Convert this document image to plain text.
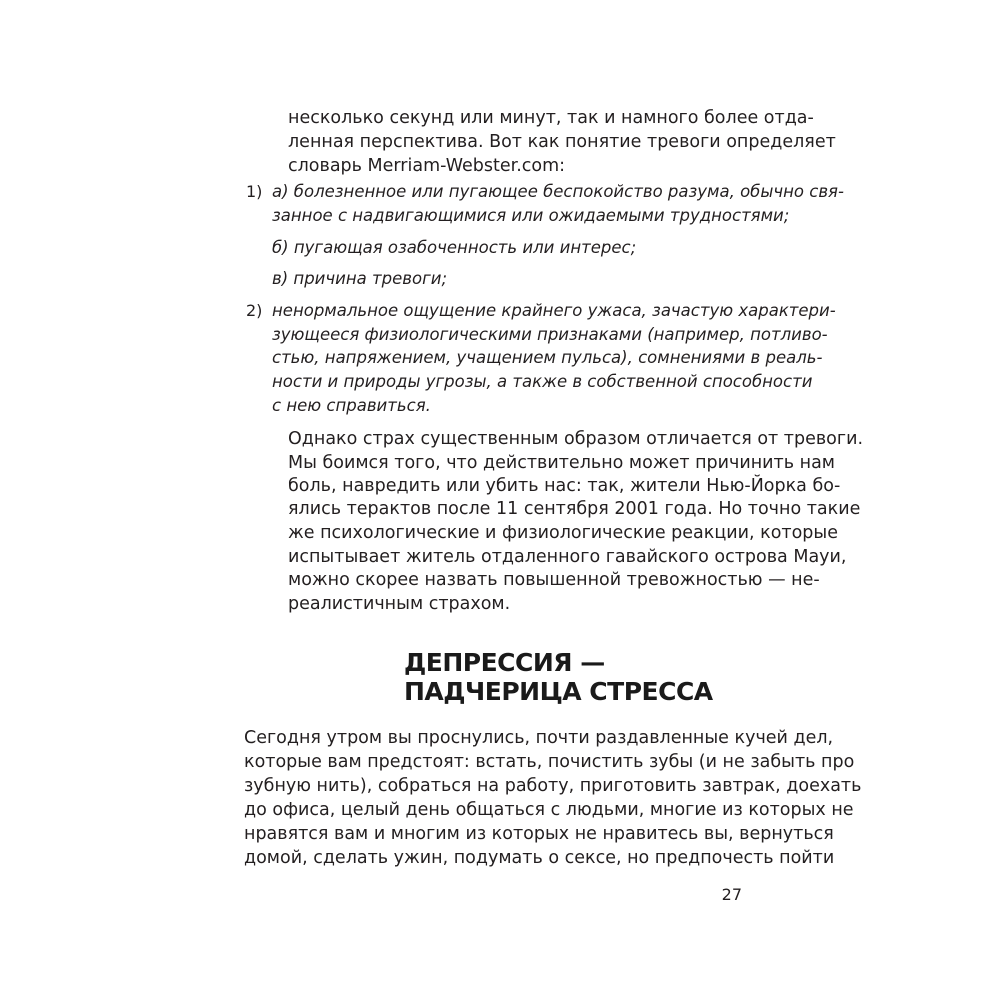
несколько секунд или минут, так и намного более отда-
ленная перспектива. Вот как понятие тревоги определяет
словарь Merriam-Webster.com:
1) а) болезненное или пугающее беспокойство разума, обычно свя-
занное с надвигающимися или ожидаемыми трудностями;
б) пугающая озабоченность или интерес;
в) причина тревоги;
2) ненормальное ощущение крайнего ужаса, зачастую характери-
зующееся физиологическими признаками (например, потливо-
стью, напряжением, учащением пульса), сомнениями в реаль-
ности и природы угрозы, а также в собственной способности
с нею справиться.
Однако страх существенным образом отличается от тревоги.
Мы боимся того, что действительно может причинить нам
боль, навредить или убить нас: так, жители Нью-Йорка бо-
ялись терактов после 11 сентября 2001 года. Но точно такие
же психологические и физиологические реакции, которые
испытывает житель отдаленного гавайского острова Мауи,
можно скорее назвать повышенной тревожностью — не-
реалистичным страхом.
ДЕПРЕССИЯ —
ПАДЧЕРИЦА СТРЕССА
Сегодня утром вы проснулись, почти раздавленные кучей дел,
которые вам предстоят: встать, почистить зубы (и не забыть про
зубную нить), собраться на работу, приготовить завтрак, доехать
до офиса, целый день общаться с людьми, многие из которых не
нравятся вам и многим из которых не нравитесь вы, вернуться
домой, сделать ужин, подумать о сексе, но предпочесть пойти
27
